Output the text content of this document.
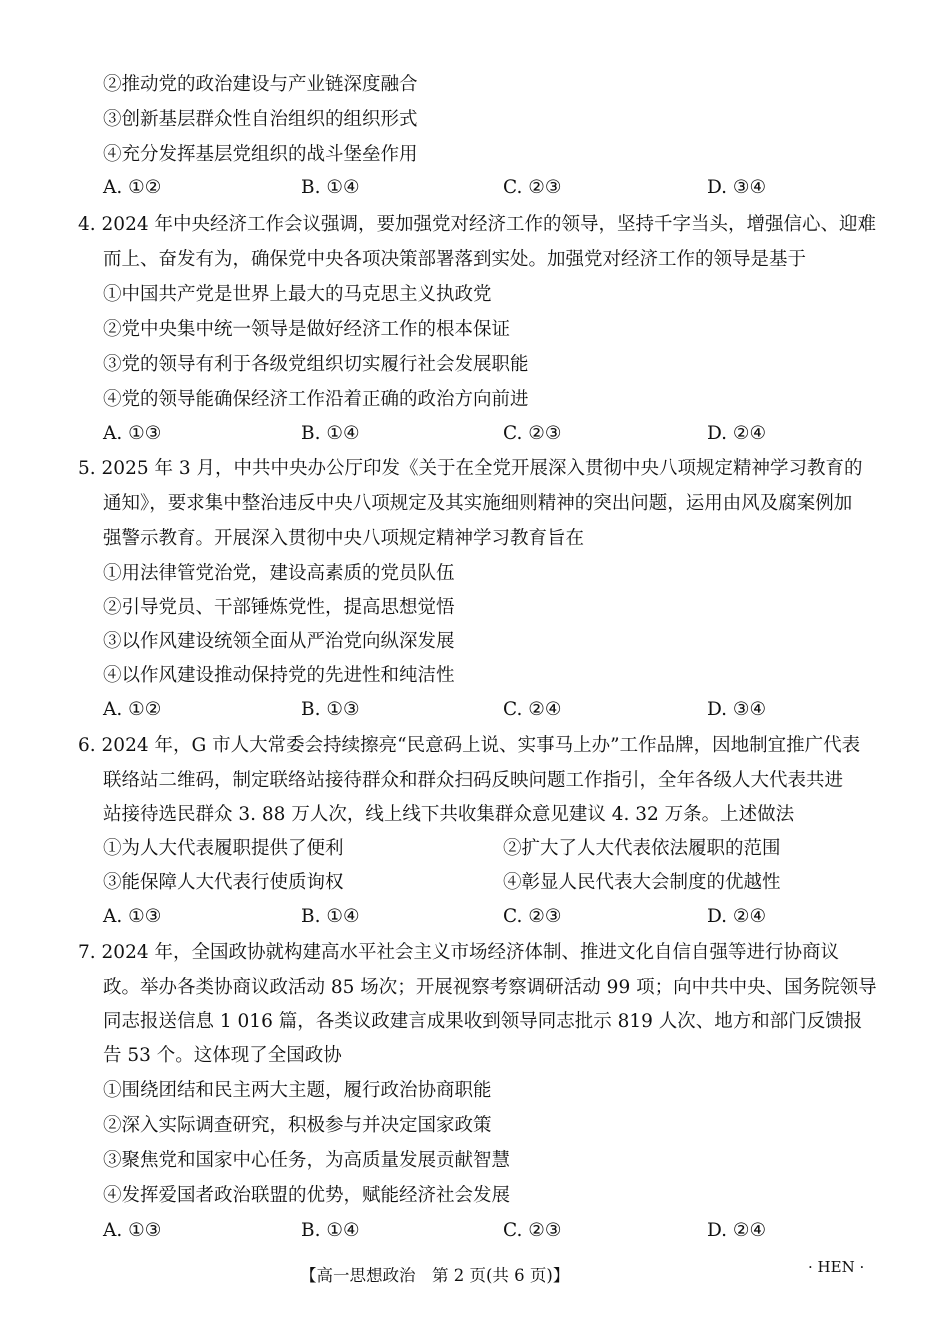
②推动党的政治建设与产业链深度融合
③创新基层群众性自治组织的组织形式
④充分发挥基层党组织的战斗堡垒作用
A. ①②	B. ①④	C. ②③	D. ③④
4. 2024 年中央经济工作会议强调，要加强党对经济工作的领导，坚持千字当头，增强信心、迎难
而上、奋发有为，确保党中央各项决策部署落到实处。加强党对经济工作的领导是基于
①中国共产党是世界上最大的马克思主义执政党
②党中央集中统一领导是做好经济工作的根本保证
③党的领导有利于各级党组织切实履行社会发展职能
④党的领导能确保经济工作沿着正确的政治方向前进
A. ①③	B. ①④	C. ②③	D. ②④
5. 2025 年 3 月，中共中央办公厅印发《关于在全党开展深入贯彻中央八项规定精神学习教育的
通知》，要求集中整治违反中央八项规定及其实施细则精神的突出问题，运用由风及腐案例加
强警示教育。开展深入贯彻中央八项规定精神学习教育旨在
①用法律管党治党，建设高素质的党员队伍
②引导党员、干部锤炼党性，提高思想觉悟
③以作风建设统领全面从严治党向纵深发展
④以作风建设推动保持党的先进性和纯洁性
A. ①②	B. ①③	C. ②④	D. ③④
6. 2024 年，G 市人大常委会持续擦亮“民意码上说、实事马上办”工作品牌，因地制宜推广代表
联络站二维码，制定联络站接待群众和群众扫码反映问题工作指引，全年各级人大代表共进
站接待选民群众 3. 88 万人次，线上线下共收集群众意见建议 4. 32 万条。上述做法
①为人大代表履职提供了便利	②扩大了人大代表依法履职的范围
③能保障人大代表行使质询权	④彰显人民代表大会制度的优越性
A. ①③	B. ①④	C. ②③	D. ②④
7. 2024 年，全国政协就构建高水平社会主义市场经济体制、推进文化自信自强等进行协商议
政。举办各类协商议政活动 85 场次；开展视察考察调研活动 99 项；向中共中央、国务院领导
同志报送信息 1 016 篇，各类议政建言成果收到领导同志批示 819 人次、地方和部门反馈报
告 53 个。这体现了全国政协
①围绕团结和民主两大主题，履行政治协商职能
②深入实际调查研究，积极参与并决定国家政策
③聚焦党和国家中心任务，为高质量发展贡献智慧
④发挥爱国者政治联盟的优势，赋能经济社会发展
A. ①③	B. ①④	C. ②③	D. ②④
【高一思想政治　第 2 页(共 6 页)】	· HEN ·
